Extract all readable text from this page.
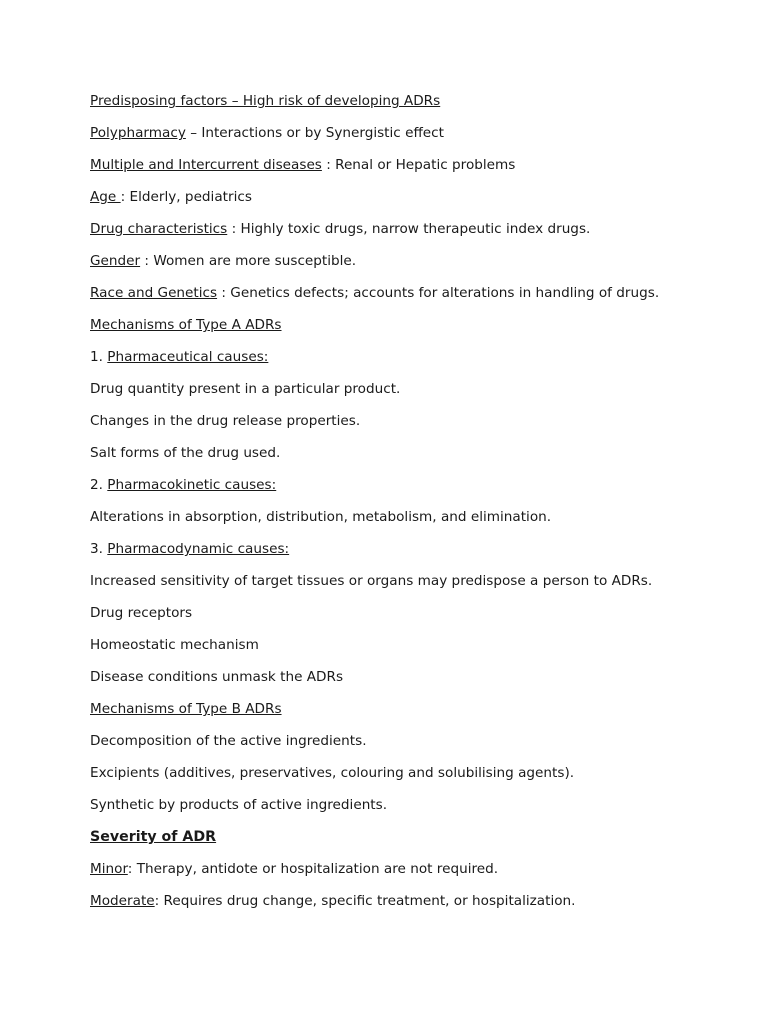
Predisposing factors – High risk of developing ADRs
Polypharmacy – Interactions or by Synergistic effect
Multiple and Intercurrent diseases : Renal or Hepatic problems
Age : Elderly, pediatrics
Drug characteristics : Highly toxic drugs, narrow therapeutic index drugs.
Gender : Women are more susceptible.
Race and Genetics : Genetics defects; accounts for alterations in handling of drugs.
Mechanisms of Type A ADRs
1. Pharmaceutical causes:
Drug quantity present in a particular product.
Changes in the drug release properties.
Salt forms of the drug used.
2. Pharmacokinetic causes:
Alterations in absorption, distribution, metabolism, and elimination.
3. Pharmacodynamic causes:
Increased sensitivity of target tissues or organs may predispose a person to ADRs.
Drug receptors
Homeostatic mechanism
Disease conditions unmask the ADRs
Mechanisms of Type B ADRs
Decomposition of the active ingredients.
Excipients (additives, preservatives, colouring and solubilising agents).
Synthetic by products of active ingredients.
Severity of ADR
Minor: Therapy, antidote or hospitalization are not required.
Moderate: Requires drug change, specific treatment, or hospitalization.
